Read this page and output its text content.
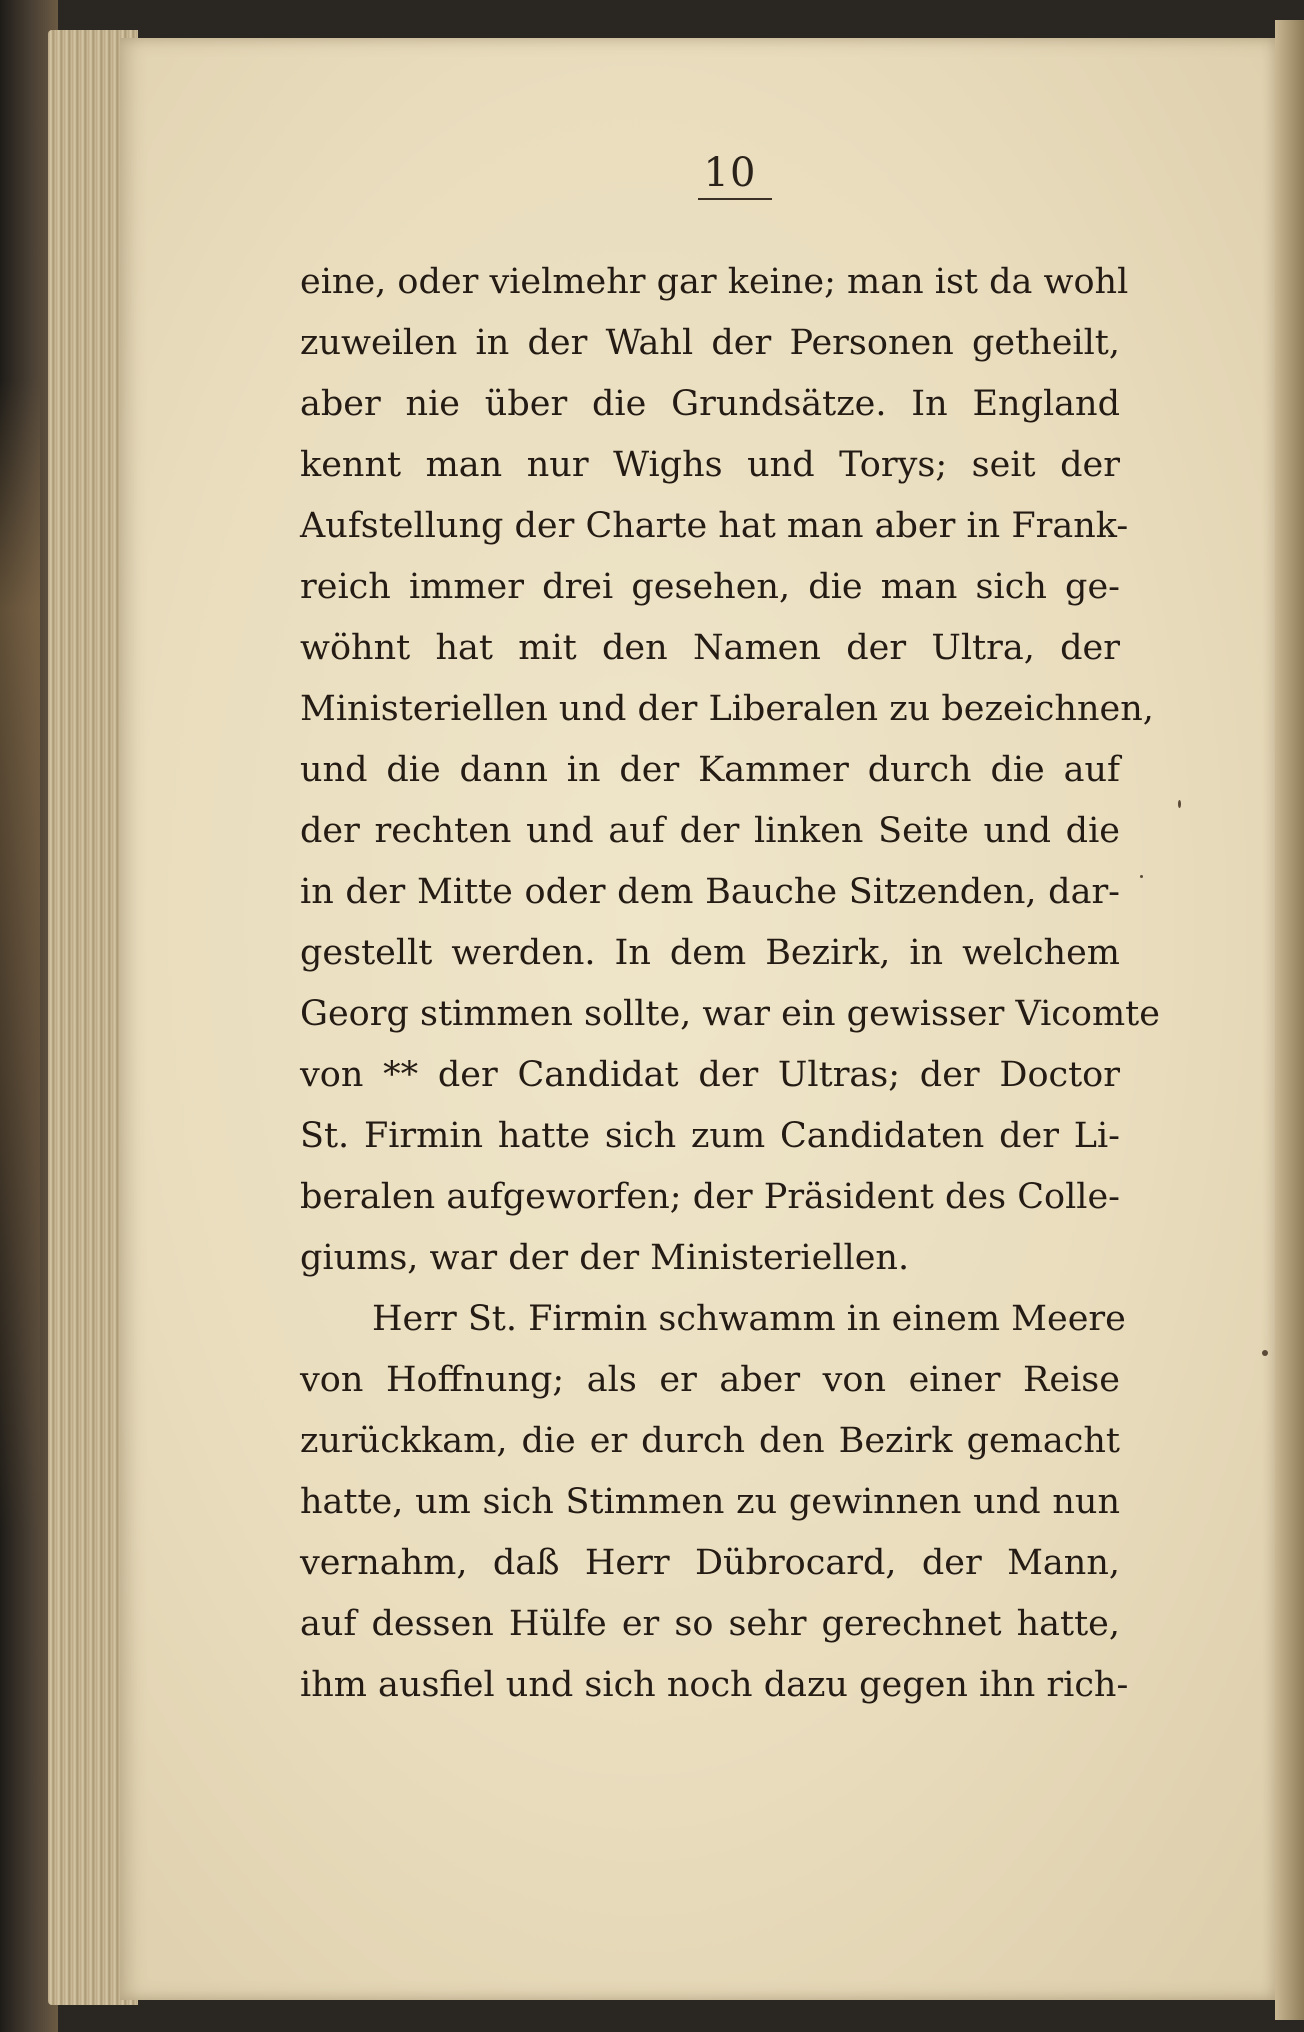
10
eine, oder vielmehr gar keine; man ist da wohl
zuweilen in der Wahl der Personen getheilt,
aber nie über die Grundsätze. In England
kennt man nur Wighs und Torys; seit der
Aufstellung der Charte hat man aber in Frank-
reich immer drei gesehen, die man sich ge-
wöhnt hat mit den Namen der Ultra, der
Ministeriellen und der Liberalen zu bezeichnen,
und die dann in der Kammer durch die auf
der rechten und auf der linken Seite und die
in der Mitte oder dem Bauche Sitzenden, dar-
gestellt werden. In dem Bezirk, in welchem
Georg stimmen sollte, war ein gewisser Vicomte
von ** der Candidat der Ultras; der Doctor
St. Firmin hatte sich zum Candidaten der Li-
beralen aufgeworfen; der Präsident des Colle-
giums, war der der Ministeriellen.
Herr St. Firmin schwamm in einem Meere
von Hoffnung; als er aber von einer Reise
zurückkam, die er durch den Bezirk gemacht
hatte, um sich Stimmen zu gewinnen und nun
vernahm, daß Herr Dübrocard, der Mann,
auf dessen Hülfe er so sehr gerechnet hatte,
ihm ausfiel und sich noch dazu gegen ihn rich-
